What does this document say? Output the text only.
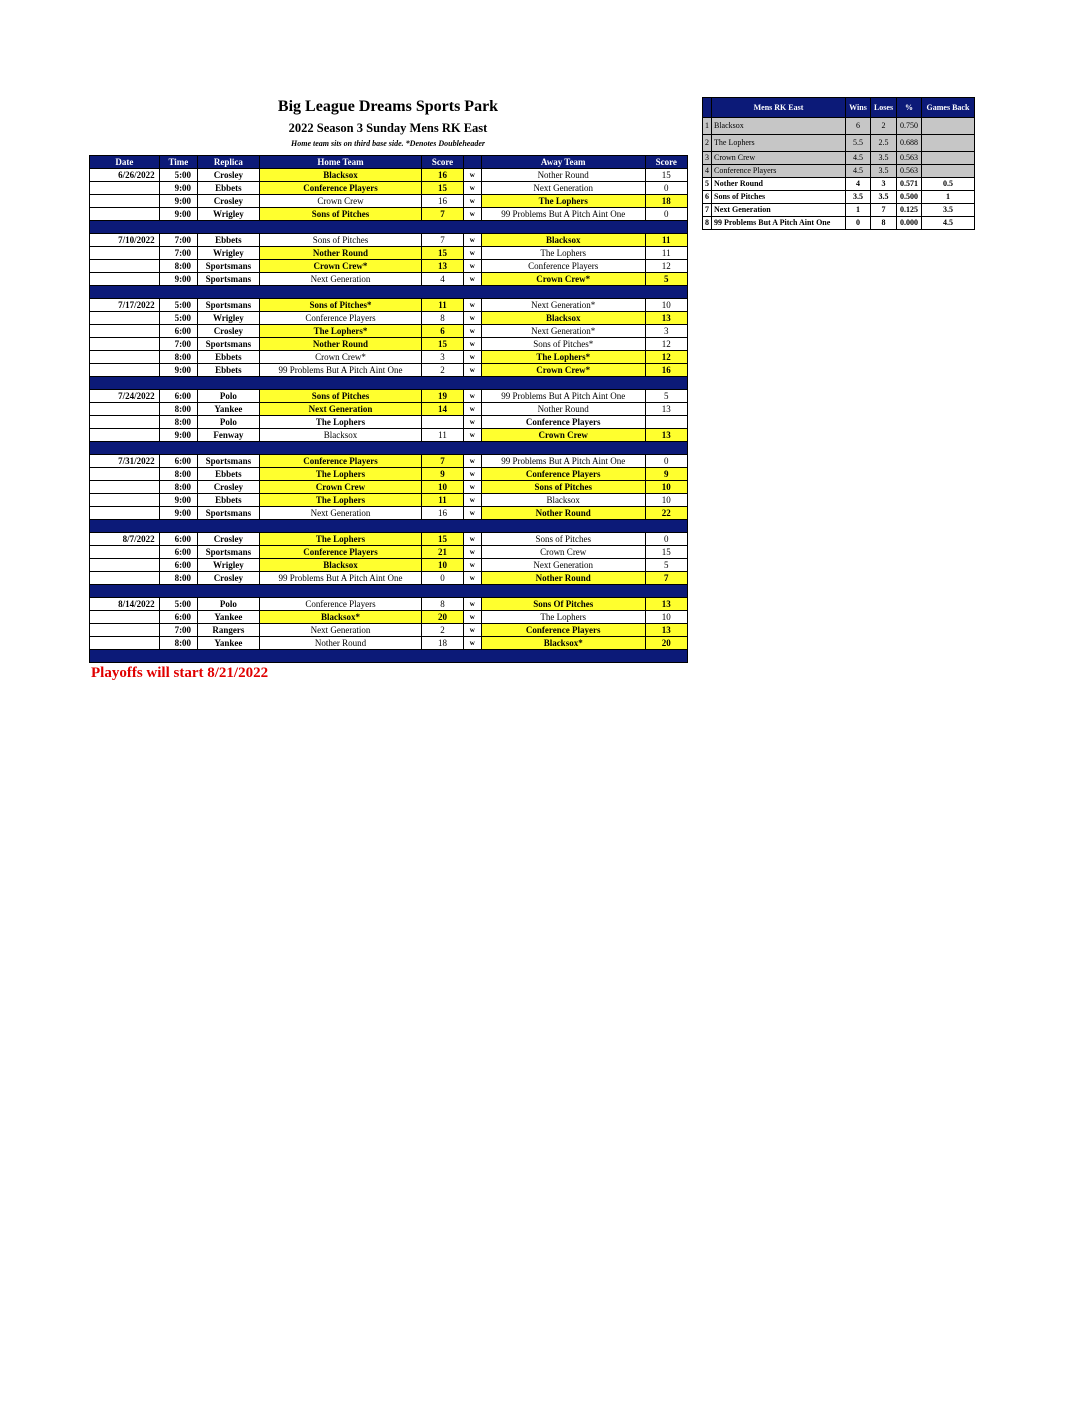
Big League Dreams Sports Park
2022 Season 3 Sunday Mens RK East
Home team sits on third base side. *Denotes Doubleheader
Date	Time	Replica	Home Team	Score		Away Team	Score
6/26/2022	5:00	Crosley	Blacksox	16	w	Nother Round	15
	9:00	Ebbets	Conference Players	15	w	Next Generation	0
	9:00	Crosley	Crown Crew	16	w	The Lophers	18
	9:00	Wrigley	Sons of Pitches	7	w	99 Problems But A Pitch Aint One	0

7/10/2022	7:00	Ebbets	Sons of Pitches	7	w	Blacksox	11
	7:00	Wrigley	Nother Round	15	w	The Lophers	11
	8:00	Sportsmans	Crown Crew*	13	w	Conference Players	12
	9:00	Sportsmans	Next Generation	4	w	Crown Crew*	5

7/17/2022	5:00	Sportsmans	Sons of Pitches*	11	w	Next Generation*	10
	5:00	Wrigley	Conference Players	8	w	Blacksox	13
	6:00	Crosley	The Lophers*	6	w	Next Generation*	3
	7:00	Sportsmans	Nother Round	15	w	Sons of Pitches*	12
	8:00	Ebbets	Crown Crew*	3	w	The Lophers*	12
	9:00	Ebbets	99 Problems But A Pitch Aint One	2	w	Crown Crew*	16

7/24/2022	6:00	Polo	Sons of Pitches	19	w	99 Problems But A Pitch Aint One	5
	8:00	Yankee	Next Generation	14	w	Nother Round	13
	8:00	Polo	The Lophers		w	Conference Players	
	9:00	Fenway	Blacksox	11	w	Crown Crew	13

7/31/2022	6:00	Sportsmans	Conference Players	7	w	99 Problems But A Pitch Aint One	0
	8:00	Ebbets	The Lophers	9	w	Conference Players	9
	8:00	Crosley	Crown Crew	10	w	Sons of Pitches	10
	9:00	Ebbets	The Lophers	11	w	Blacksox	10
	9:00	Sportsmans	Next Generation	16	w	Nother Round	22

8/7/2022	6:00	Crosley	The Lophers	15	w	Sons of Pitches	0
	6:00	Sportsmans	Conference Players	21	w	Crown Crew	15
	6:00	Wrigley	Blacksox	10	w	Next Generation	5
	8:00	Crosley	99 Problems But A Pitch Aint One	0	w	Nother Round	7

8/14/2022	5:00	Polo	Conference Players	8	w	Sons Of Pitches	13
	6:00	Yankee	Blacksox*	20	w	The Lophers	10
	7:00	Rangers	Next Generation	2	w	Conference Players	13
	8:00	Yankee	Nother Round	18	w	Blacksox*	20

Playoffs will start 8/21/2022
	Mens RK East	Wins	Loses	%	Games Back
1	Blacksox	6	2	0.750	
2	The Lophers	5.5	2.5	0.688	
3	Crown Crew	4.5	3.5	0.563	
4	Conference Players	4.5	3.5	0.563	
5	Nother Round	4	3	0.571	0.5
6	Sons of Pitches	3.5	3.5	0.500	1
7	Next Generation	1	7	0.125	3.5
8	99 Problems But A Pitch Aint One	0	8	0.000	4.5
